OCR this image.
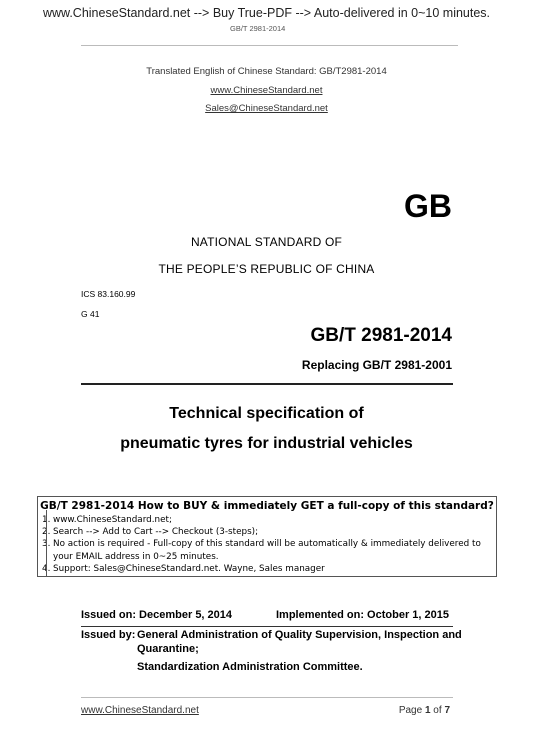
www.ChineseStandard.net --> Buy True-PDF --> Auto-delivered in 0~10 minutes.
GB/T 2981-2014
Translated English of Chinese Standard: GB/T2981-2014
www.ChineseStandard.net
Sales@ChineseStandard.net
GB
NATIONAL STANDARD OF
THE PEOPLE’S REPUBLIC OF CHINA
ICS 83.160.99
G 41
GB/T 2981-2014
Replacing GB/T 2981-2001
Technical specification of
pneumatic tyres for industrial vehicles
GB/T 2981-2014 How to BUY & immediately GET a full-copy of this standard?
1. www.ChineseStandard.net;
2. Search --> Add to Cart --> Checkout (3-steps);
3. No action is required - Full-copy of this standard will be automatically & immediately delivered to
your EMAIL address in 0~25 minutes.
4. Support: Sales@ChineseStandard.net. Wayne, Sales manager
Issued on: December 5, 2014	Implemented on: October 1, 2015
Issued by: General Administration of Quality Supervision, Inspection and
Quarantine;
Standardization Administration Committee.
www.ChineseStandard.net	Page 1 of 7
